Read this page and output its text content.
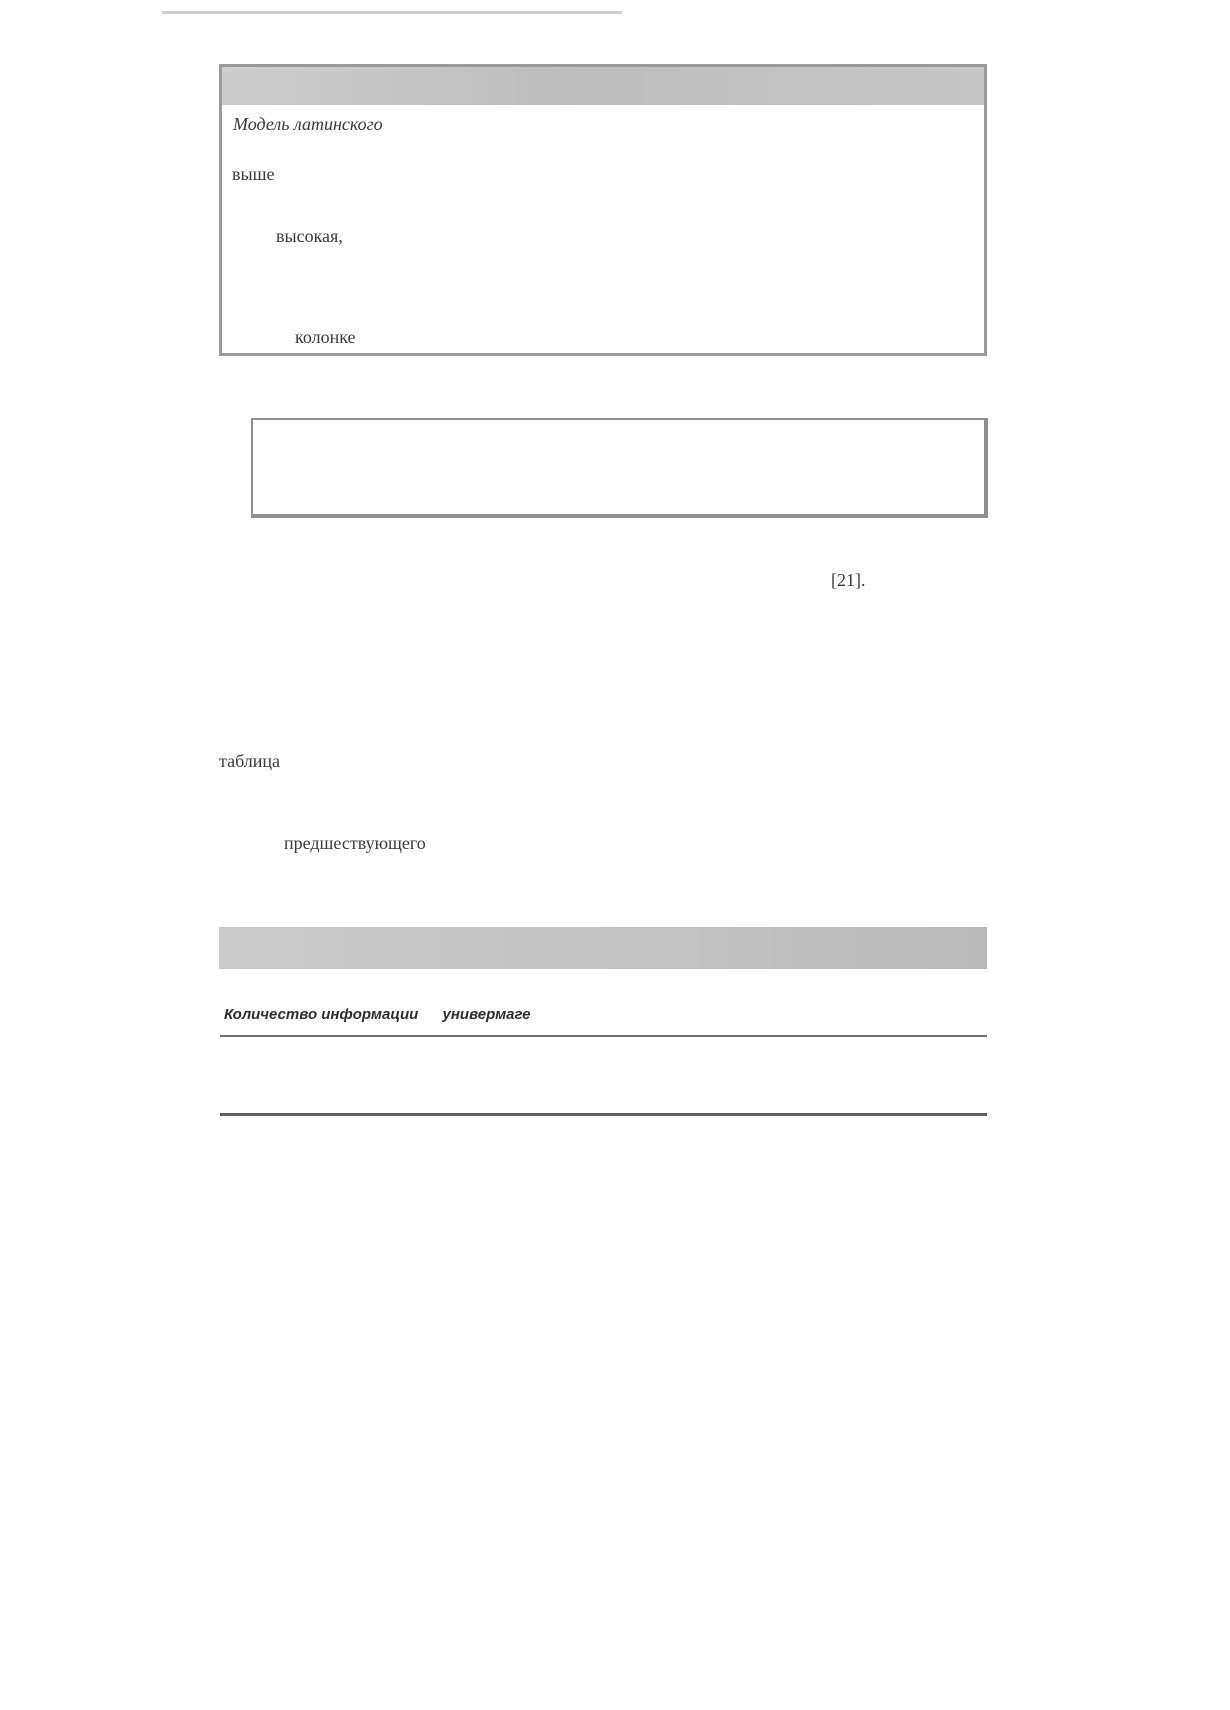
Модель латинского
выше
высокая,
колонке
[21].
таблица
предшествующего
Количество информации универмаге
